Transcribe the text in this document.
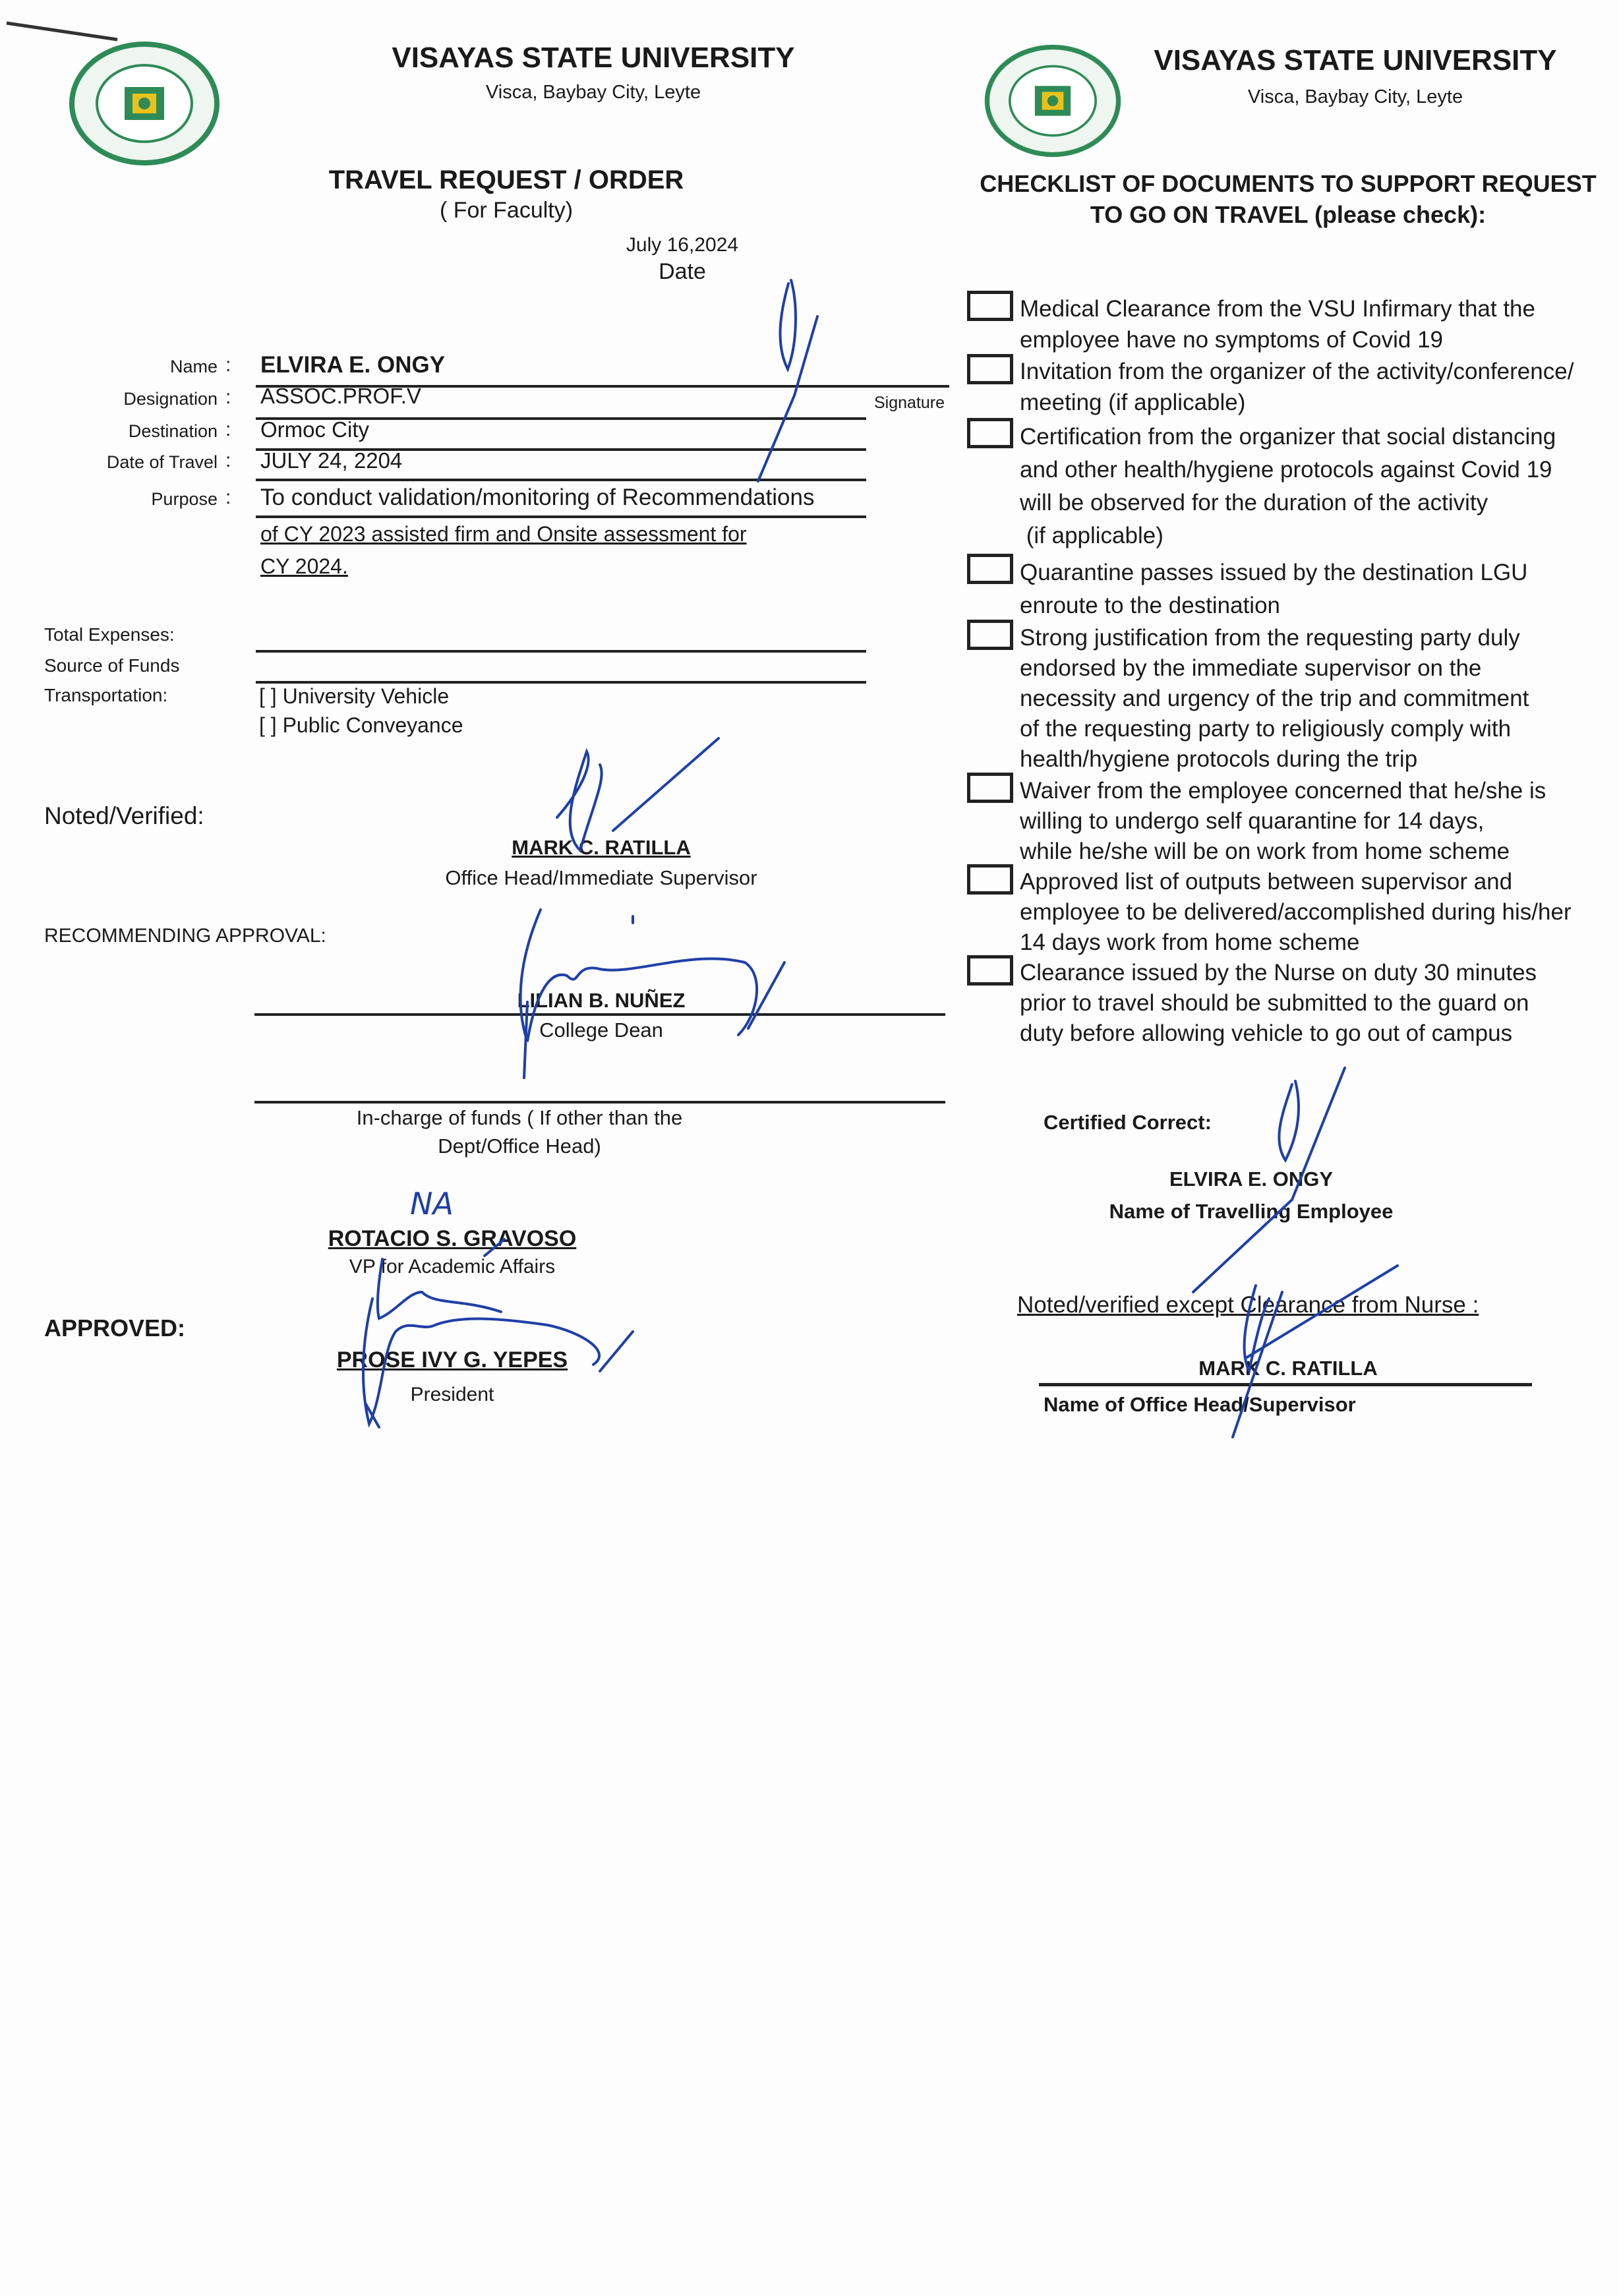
VISAYAS STATE UNIVERSITY
Visca, Baybay City, Leyte
VISAYAS STATE UNIVERSITY
Visca, Baybay City, Leyte
TRAVEL REQUEST / ORDER
( For Faculty)
July 16,2024
Date
Name : ELVIRA E. ONGY
Signature
Designation : ASSOC.PROF.V
Destination : Ormoc City
Date of Travel : JULY 24, 2204
Purpose : To conduct validation/monitoring of Recommendations
of CY 2023 assisted firm and Onsite assessment for
CY 2024.
Total Expenses:
Source of Funds
Transportation:	[ ] University Vehicle
[ ] Public Conveyance
Noted/Verified:
MARK C. RATILLA
Office Head/Immediate Supervisor
RECOMMENDING APPROVAL:
LILIAN B. NUÑEZ
College Dean
In-charge of funds ( If other than the
Dept/Office Head)
NA
ROTACIO S. GRAVOSO
VP for Academic Affairs
APPROVED:
PROSE IVY G. YEPES
President
CHECKLIST OF DOCUMENTS TO SUPPORT REQUEST
TO GO ON TRAVEL (please check):
Medical Clearance from the VSU Infirmary that the
employee have no symptoms of Covid 19
Invitation from the organizer of the activity/conference/
meeting (if applicable)
Certification from the organizer that social distancing
and other health/hygiene protocols against Covid 19
will be observed for the duration of the activity
(if applicable)
Quarantine passes issued by the destination LGU
enroute to the destination
Strong justification from the requesting party duly
endorsed by the immediate supervisor on the
necessity and urgency of the trip and commitment
of the requesting party to religiously comply with
health/hygiene protocols during the trip
Waiver from the employee concerned that he/she is
willing to undergo self quarantine for 14 days,
while he/she will be on work from home scheme
Approved list of outputs between supervisor and
employee to be delivered/accomplished during his/her
14 days work from home scheme
Clearance issued by the Nurse on duty 30 minutes
prior to travel should be submitted to the guard on
duty before allowing vehicle to go out of campus
Certified Correct:
ELVIRA E. ONGY
Name of Travelling Employee
Noted/verified except Clearance from Nurse :
MARK C. RATILLA
Name of Office Head/Supervisor
